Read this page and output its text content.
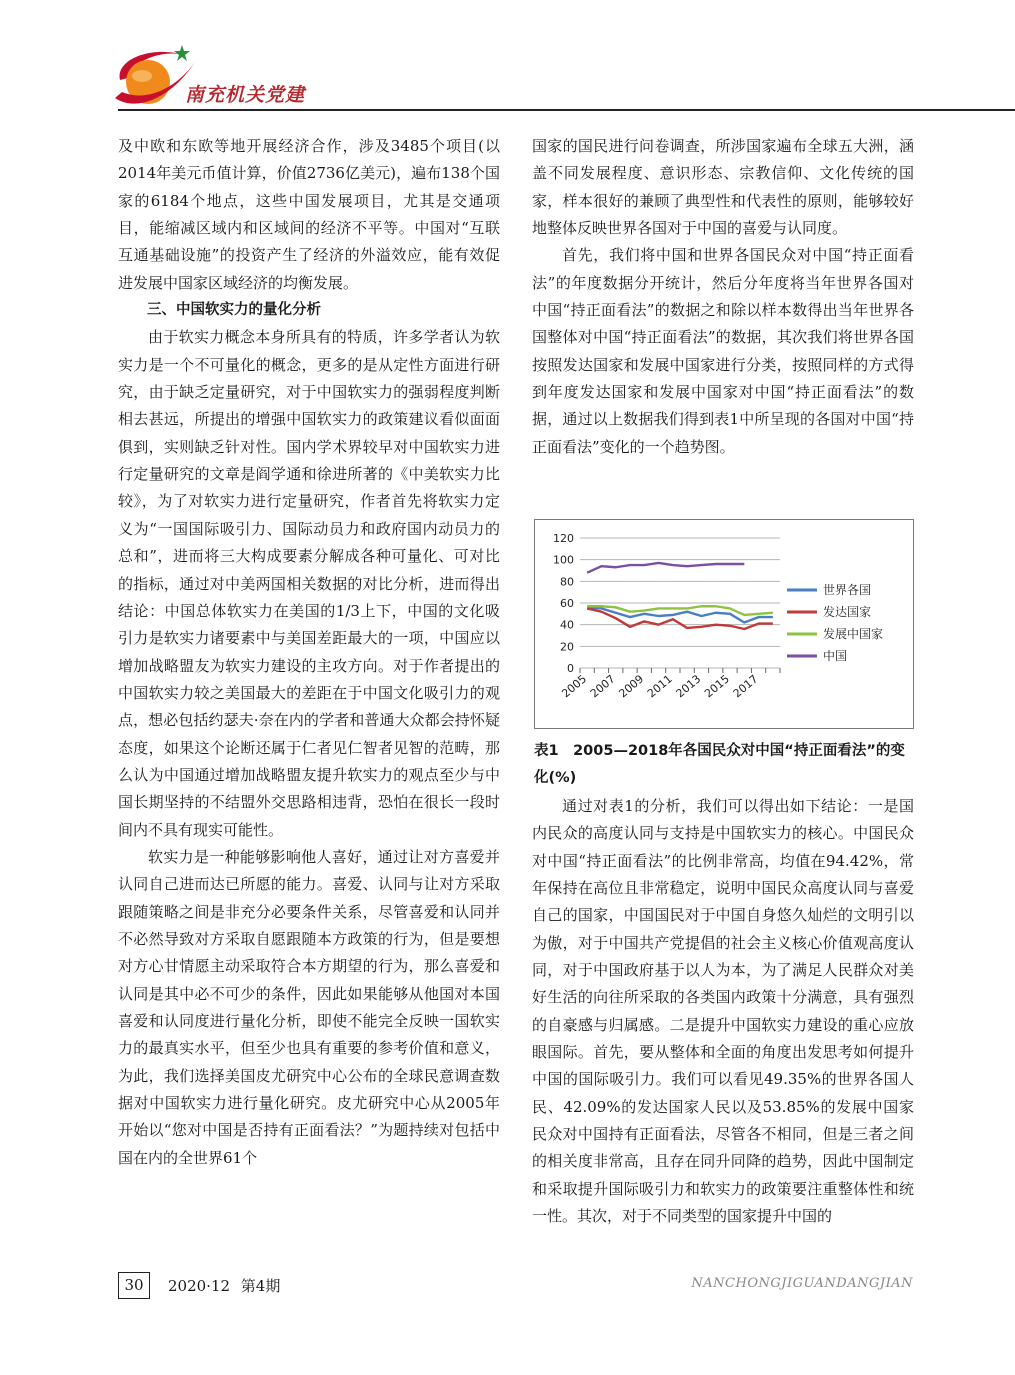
南充机关党建

及中欧和东欧等地开展经济合作，涉及3485个项目(以2014年美元币值计算，价值2736亿美元)，遍布138个国家的6184个地点，这些中国发展项目，尤其是交通项目，能缩减区域内和区域间的经济不平等。中国对“互联互通基础设施”的投资产生了经济的外溢效应，能有效促进发展中国家区域经济的均衡发展。

三、中国软实力的量化分析

由于软实力概念本身所具有的特质，许多学者认为软实力是一个不可量化的概念，更多的是从定性方面进行研究，由于缺乏定量研究，对于中国软实力的强弱程度判断相去甚远，所提出的增强中国软实力的政策建议看似面面俱到，实则缺乏针对性。国内学术界较早对中国软实力进行定量研究的文章是阎学通和徐进所著的《中美软实力比较》，为了对软实力进行定量研究，作者首先将软实力定义为“一国国际吸引力、国际动员力和政府国内动员力的总和”，进而将三大构成要素分解成各种可量化、可对比的指标，通过对中美两国相关数据的对比分析，进而得出结论：中国总体软实力在美国的1/3上下，中国的文化吸引力是软实力诸要素中与美国差距最大的一项，中国应以增加战略盟友为软实力建设的主攻方向。对于作者提出的中国软实力较之美国最大的差距在于中国文化吸引力的观点，想必包括约瑟夫·奈在内的学者和普通大众都会持怀疑态度，如果这个论断还属于仁者见仁智者见智的范畴，那么认为中国通过增加战略盟友提升软实力的观点至少与中国长期坚持的不结盟外交思路相违背，恐怕在很长一段时间内不具有现实可能性。

软实力是一种能够影响他人喜好，通过让对方喜爱并认同自己进而达已所愿的能力。喜爱、认同与让对方采取跟随策略之间是非充分必要条件关系，尽管喜爱和认同并不必然导致对方采取自愿跟随本方政策的行为，但是要想对方心甘情愿主动采取符合本方期望的行为，那么喜爱和认同是其中必不可少的条件，因此如果能够从他国对本国喜爱和认同度进行量化分析，即使不能完全反映一国软实力的最真实水平，但至少也具有重要的参考价值和意义，为此，我们选择美国皮尤研究中心公布的全球民意调查数据对中国软实力进行量化研究。皮尤研究中心从2005年开始以“您对中国是否持有正面看法？”为题持续对包括中国在内的全世界61个

国家的国民进行问卷调查，所涉国家遍布全球五大洲，涵盖不同发展程度、意识形态、宗教信仰、文化传统的国家，样本很好的兼顾了典型性和代表性的原则，能够较好地整体反映世界各国对于中国的喜爱与认同度。

首先，我们将中国和世界各国民众对中国“持正面看法”的年度数据分开统计，然后分年度将当年世界各国对中国“持正面看法”的数据之和除以样本数得出当年世界各国整体对中国“持正面看法”的数据，其次我们将世界各国按照发达国家和发展中国家进行分类，按照同样的方式得到年度发达国家和发展中国家对中国“持正面看法”的数据，通过以上数据我们得到表1中所呈现的各国对中国“持正面看法”变化的一个趋势图。

0
20
40
60
80
100
120
2005
2007
2009
2011
2013
2015
2017
世界各国
发达国家
发展中国家
中国
表1　2005—2018年各国民众对中国“持正面看法”的变化(%)

通过对表1的分析，我们可以得出如下结论：一是国内民众的高度认同与支持是中国软实力的核心。中国民众对中国“持正面看法”的比例非常高，均值在94.42%，常年保持在高位且非常稳定，说明中国民众高度认同与喜爱自己的国家，中国国民对于中国自身悠久灿烂的文明引以为傲，对于中国共产党提倡的社会主义核心价值观高度认同，对于中国政府基于以人为本，为了满足人民群众对美好生活的向往所采取的各类国内政策十分满意，具有强烈的自豪感与归属感。二是提升中国软实力建设的重心应放眼国际。首先，要从整体和全面的角度出发思考如何提升中国的国际吸引力。我们可以看见49.35%的世界各国人民、42.09%的发达国家人民以及53.85%的发展中国家民众对中国持有正面看法，尽管各不相同，但是三者之间的相关度非常高，且存在同升同降的趋势，因此中国制定和采取提升国际吸引力和软实力的政策要注重整体性和统一性。其次，对于不同类型的国家提升中国的

30	2020·12 第4期	NANCHONGJIGUANDANGJIAN
